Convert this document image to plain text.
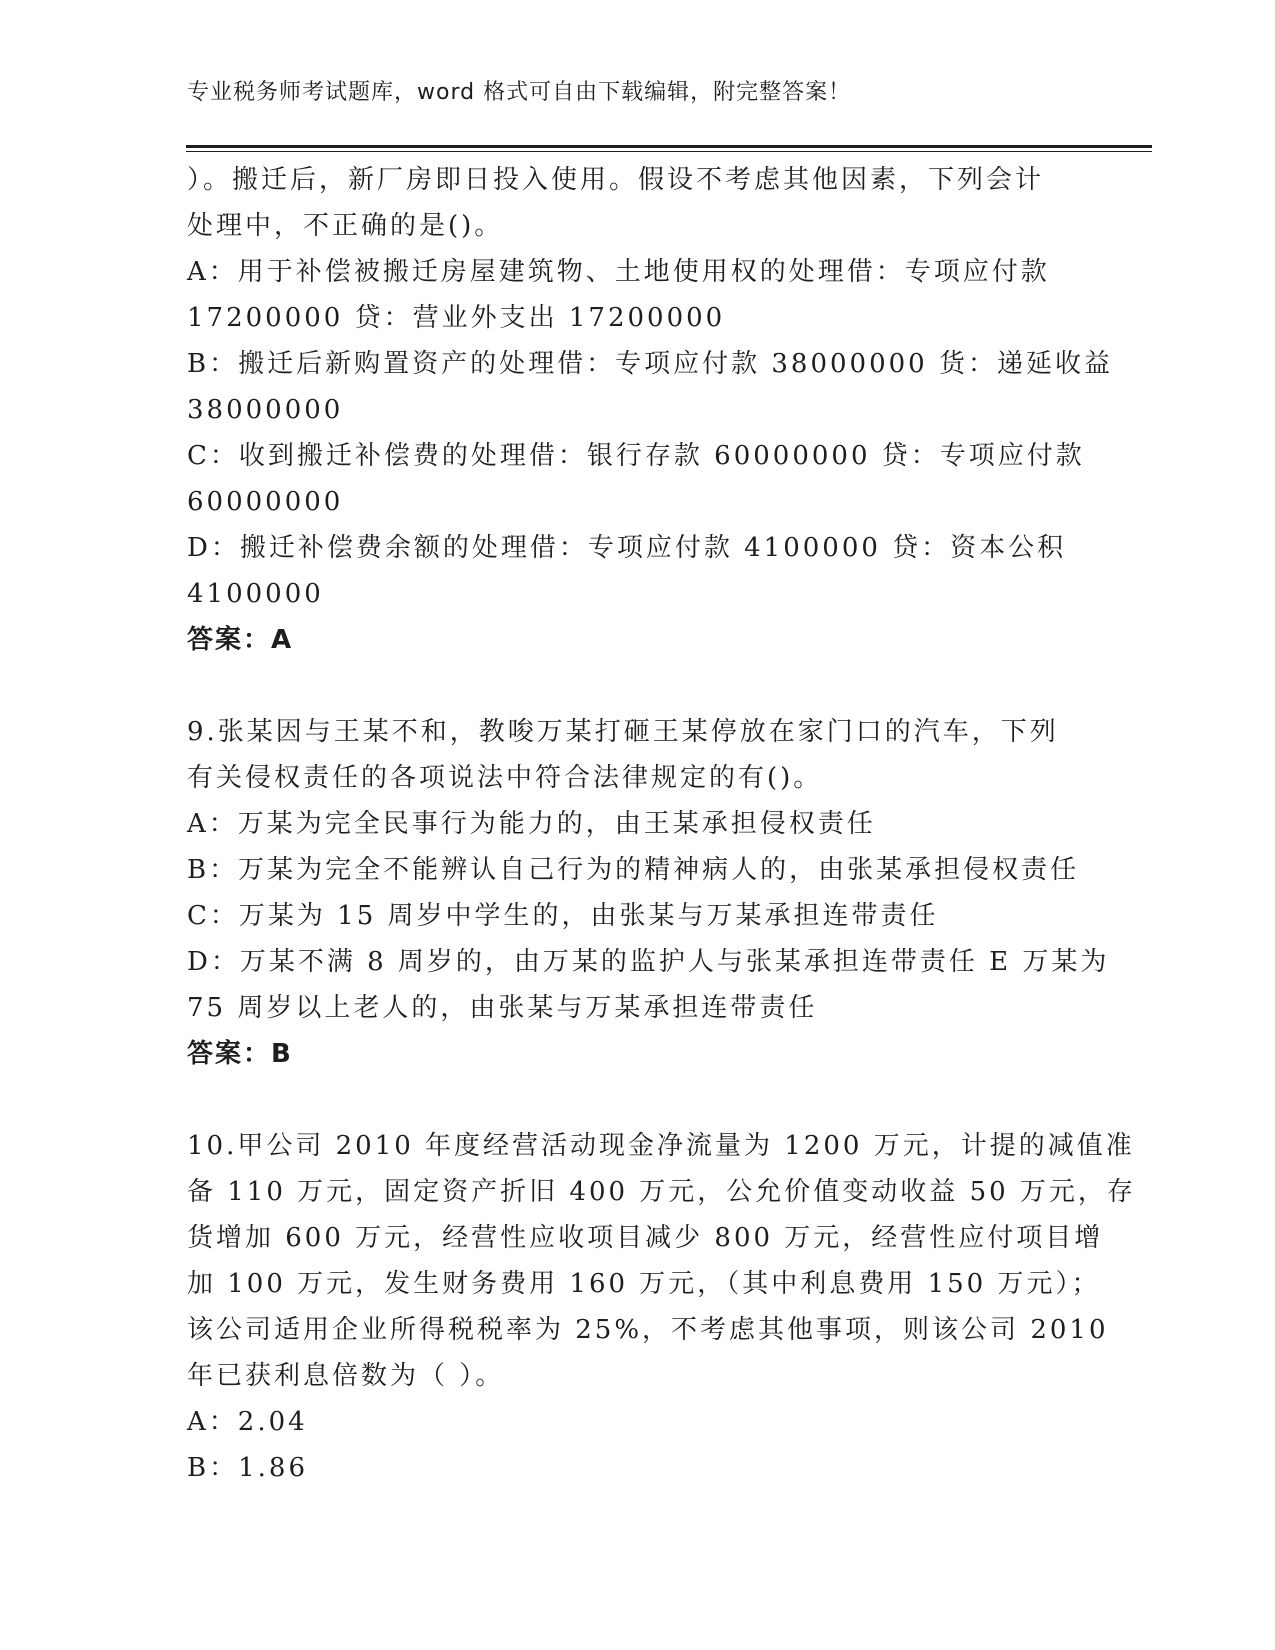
专业税务师考试题库，word 格式可自由下载编辑，附完整答案！
）。搬迁后，新厂房即日投入使用。假设不考虑其他因素，下列会计
处理中，不正确的是()。
A：用于补偿被搬迁房屋建筑物、土地使用权的处理借：专项应付款
17200000 贷：营业外支出 17200000
B：搬迁后新购置资产的处理借：专项应付款 38000000 货：递延收益
38000000
C：收到搬迁补偿费的处理借：银行存款 60000000 贷：专项应付款
60000000
D：搬迁补偿费余额的处理借：专项应付款 4100000 贷：资本公积
4100000
答案：A
9.张某因与王某不和，教唆万某打砸王某停放在家门口的汽车，下列
有关侵权责任的各项说法中符合法律规定的有()。
A：万某为完全民事行为能力的，由王某承担侵权责任
B：万某为完全不能辨认自己行为的精神病人的，由张某承担侵权责任
C：万某为 15 周岁中学生的，由张某与万某承担连带责任
D：万某不满 8 周岁的，由万某的监护人与张某承担连带责任 E 万某为
75 周岁以上老人的，由张某与万某承担连带责任
答案：B
10.甲公司 2010 年度经营活动现金净流量为 1200 万元，计提的减值准
备 110 万元，固定资产折旧 400 万元，公允价值变动收益 50 万元，存
货增加 600 万元，经营性应收项目减少 800 万元，经营性应付项目增
加 100 万元，发生财务费用 160 万元，（其中利息费用 150 万元）；
该公司适用企业所得税税率为 25%，不考虑其他事项，则该公司 2010
年已获利息倍数为（ ）。
A：2.04
B：1.86
